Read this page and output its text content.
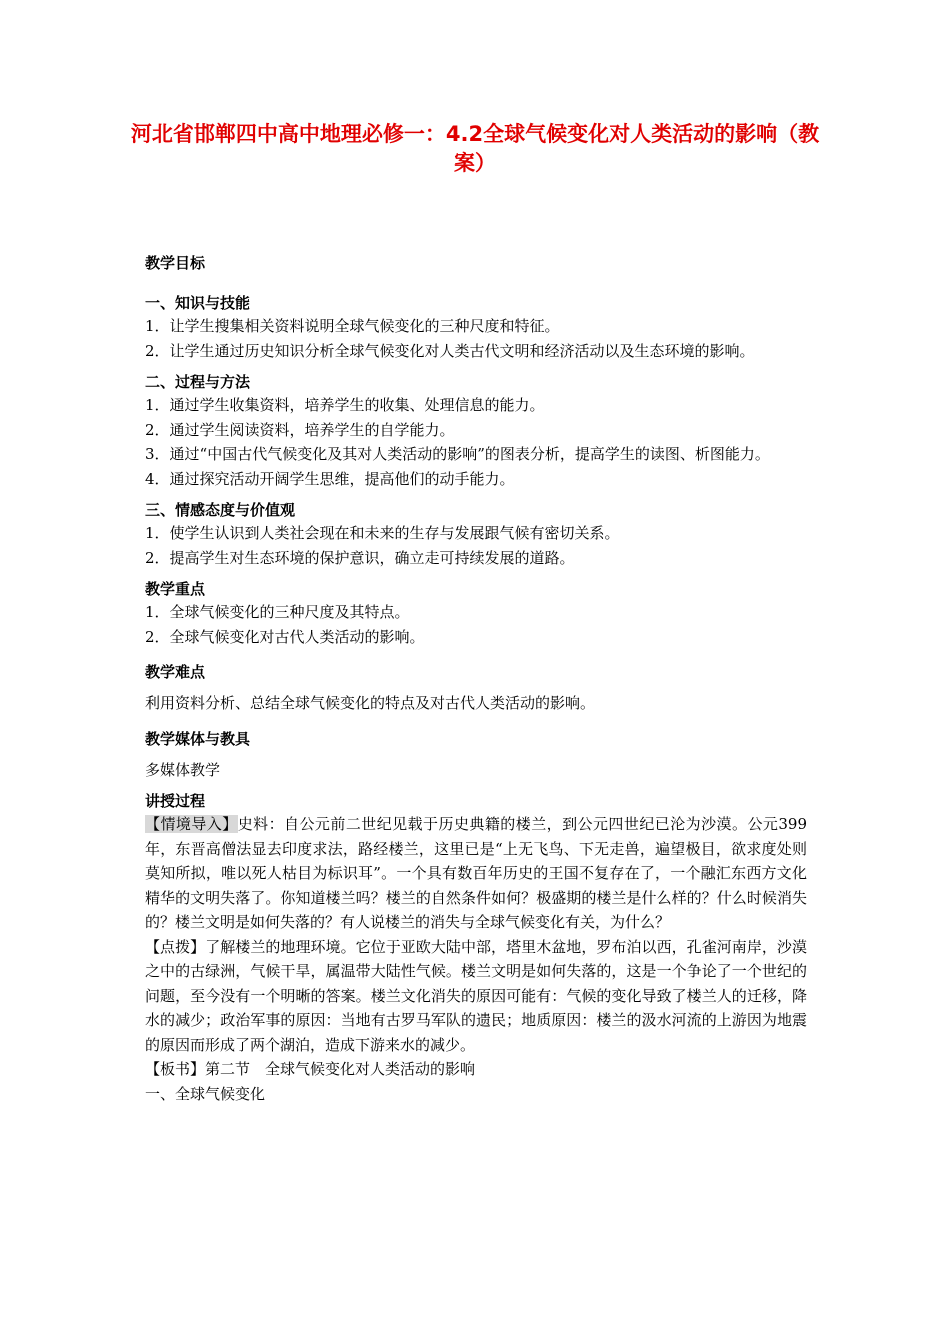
河北省邯郸四中高中地理必修一：4.2全球气候变化对人类活动的影响（教案）

教学目标

一、知识与技能

1．让学生搜集相关资料说明全球气候变化的三种尺度和特征。

2．让学生通过历史知识分析全球气候变化对人类古代文明和经济活动以及生态环境的影响。

二、过程与方法

1．通过学生收集资料，培养学生的收集、处理信息的能力。

2．通过学生阅读资料，培养学生的自学能力。

3．通过“中国古代气候变化及其对人类活动的影响”的图表分析，提高学生的读图、析图能力。

4．通过探究活动开阔学生思维，提高他们的动手能力。

三、情感态度与价值观

1．使学生认识到人类社会现在和未来的生存与发展跟气候有密切关系。

2．提高学生对生态环境的保护意识，确立走可持续发展的道路。

教学重点

1．全球气候变化的三种尺度及其特点。

2．全球气候变化对古代人类活动的影响。

教学难点

利用资料分析、总结全球气候变化的特点及对古代人类活动的影响。

教学媒体与教具

多媒体教学

讲授过程

【情境导入】史料：自公元前二世纪见载于历史典籍的楼兰，到公元四世纪已沦为沙漠。公元399 年，东晋高僧法显去印度求法，路经楼兰，这里已是“上无飞鸟、下无走兽，遍望极目，欲求度处则莫知所拟，唯以死人枯目为标识耳”。一个具有数百年历史的王国不复存在了，一个融汇东西方文化精华的文明失落了。你知道楼兰吗？楼兰的自然条件如何？极盛期的楼兰是什么样的？什么时候消失的？楼兰文明是如何失落的？有人说楼兰的消失与全球气候变化有关，为什么？

【点拨】了解楼兰的地理环境。它位于亚欧大陆中部，塔里木盆地，罗布泊以西，孔雀河南岸，沙漠之中的古绿洲，气候干旱，属温带大陆性气候。楼兰文明是如何失落的，这是一个争论了一个世纪的问题，至今没有一个明晰的答案。楼兰文化消失的原因可能有：气候的变化导致了楼兰人的迁移，降水的减少；政治军事的原因：当地有古罗马军队的遗民；地质原因：楼兰的汲水河流的上游因为地震的原因而形成了两个湖泊，造成下游来水的减少。

【板书】第二节　全球气候变化对人类活动的影响

一、全球气候变化
